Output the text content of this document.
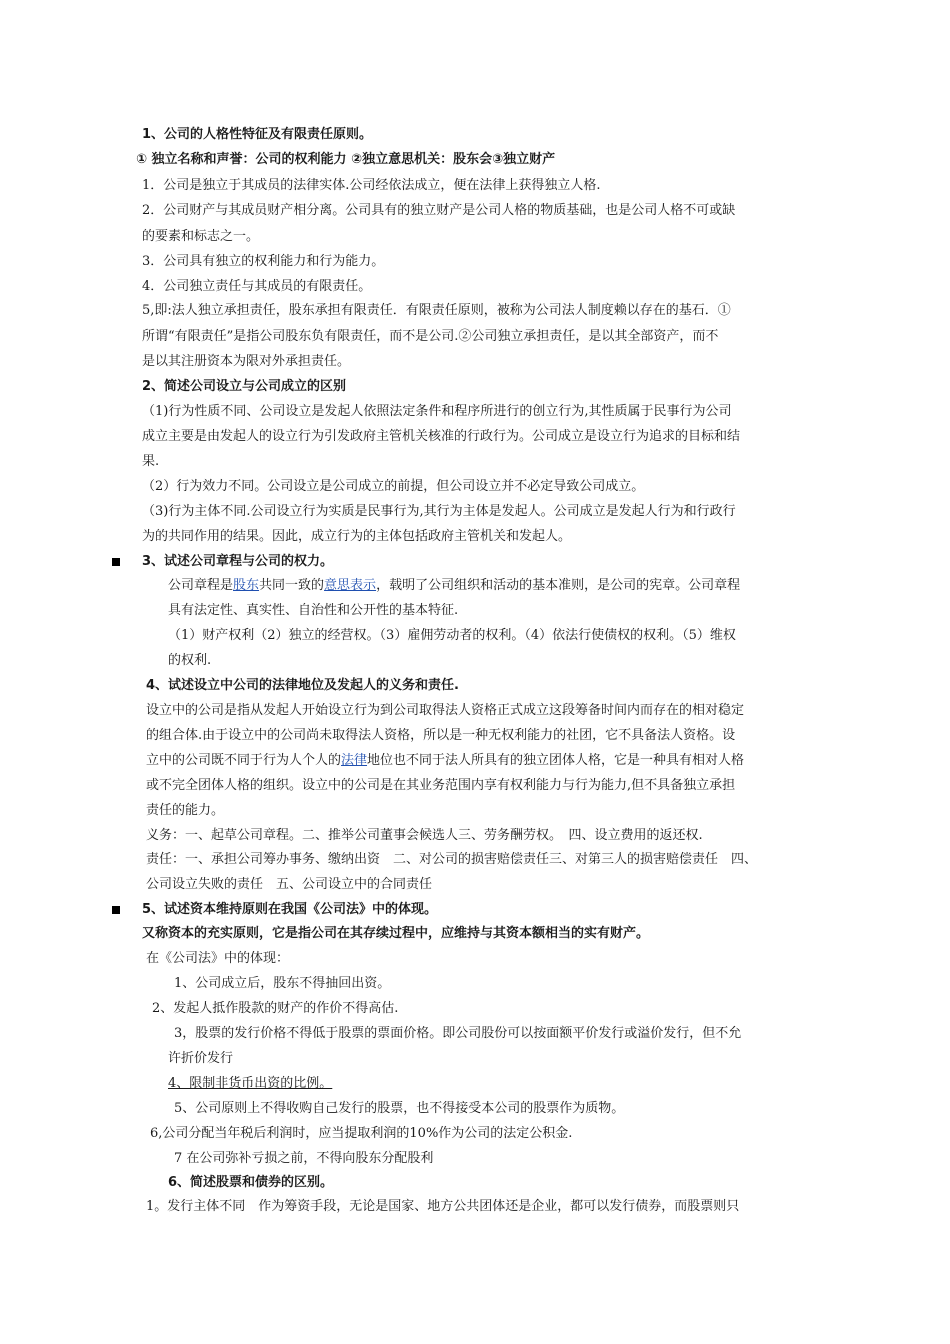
1、公司的人格性特征及有限责任原则。
① 独立名称和声誉：公司的权利能力 ②独立意思机关：股东会③独立财产
1．公司是独立于其成员的法律实体.公司经依法成立，便在法律上获得独立人格.
2．公司财产与其成员财产相分离。公司具有的独立财产是公司人格的物质基础，也是公司人格不可或缺
的要素和标志之一。
3．公司具有独立的权利能力和行为能力。
4．公司独立责任与其成员的有限责任。
5,即:法人独立承担责任，股东承担有限责任．有限责任原则，被称为公司法人制度赖以存在的基石．①
所谓“有限责任”是指公司股东负有限责任，而不是公司.②公司独立承担责任，是以其全部资产，而不
是以其注册资本为限对外承担责任。
2、简述公司设立与公司成立的区别
（1)行为性质不同、公司设立是发起人依照法定条件和程序所进行的创立行为,其性质属于民事行为公司
成立主要是由发起人的设立行为引发政府主管机关核准的行政行为。公司成立是设立行为追求的目标和结
果.
（2）行为效力不同。公司设立是公司成立的前提，但公司设立并不必定导致公司成立。
（3)行为主体不同.公司设立行为实质是民事行为,其行为主体是发起人。公司成立是发起人行为和行政行
为的共同作用的结果。因此，成立行为的主体包括政府主管机关和发起人。
3、试述公司章程与公司的权力。
公司章程是股东共同一致的意思表示，载明了公司组织和活动的基本准则，是公司的宪章。公司章程
具有法定性、真实性、自治性和公开性的基本特征.
（1）财产权利（2）独立的经营权。（3）雇佣劳动者的权利。（4）依法行使债权的权利。（5）维权
的权利.
4、试述设立中公司的法律地位及发起人的义务和责任.
设立中的公司是指从发起人开始设立行为到公司取得法人资格正式成立这段筹备时间内而存在的相对稳定
的组合体.由于设立中的公司尚未取得法人资格，所以是一种无权利能力的社团，它不具备法人资格。设
立中的公司既不同于行为人个人的法律地位也不同于法人所具有的独立团体人格，它是一种具有相对人格
或不完全团体人格的组织。设立中的公司是在其业务范围内享有权利能力与行为能力,但不具备独立承担
责任的能力。
义务：一、起草公司章程。二、推举公司董事会候选人三、劳务酬劳权。　四、设立费用的返还权.
责任：一、承担公司筹办事务、缴纳出资　二、对公司的损害赔偿责任三、对第三人的损害赔偿责任　四、
公司设立失败的责任　五、公司设立中的合同责任
5、试述资本维持原则在我国《公司法》中的体现。
又称资本的充实原则，它是指公司在其存续过程中，应维持与其资本额相当的实有财产。
在《公司法》中的体现：
1、公司成立后，股东不得抽回出资。
2、发起人抵作股款的财产的作价不得高估.
3，股票的发行价格不得低于股票的票面价格。即公司股份可以按面额平价发行或溢价发行，但不允
许折价发行
4、限制非货币出资的比例。
5、公司原则上不得收购自己发行的股票，也不得接受本公司的股票作为质物。
6,公司分配当年税后利润时，应当提取利润的10%作为公司的法定公积金.
7 在公司弥补亏损之前，不得向股东分配股利
6、简述股票和债券的区别。
1。发行主体不同　作为筹资手段，无论是国家、地方公共团体还是企业，都可以发行债券，而股票则只
